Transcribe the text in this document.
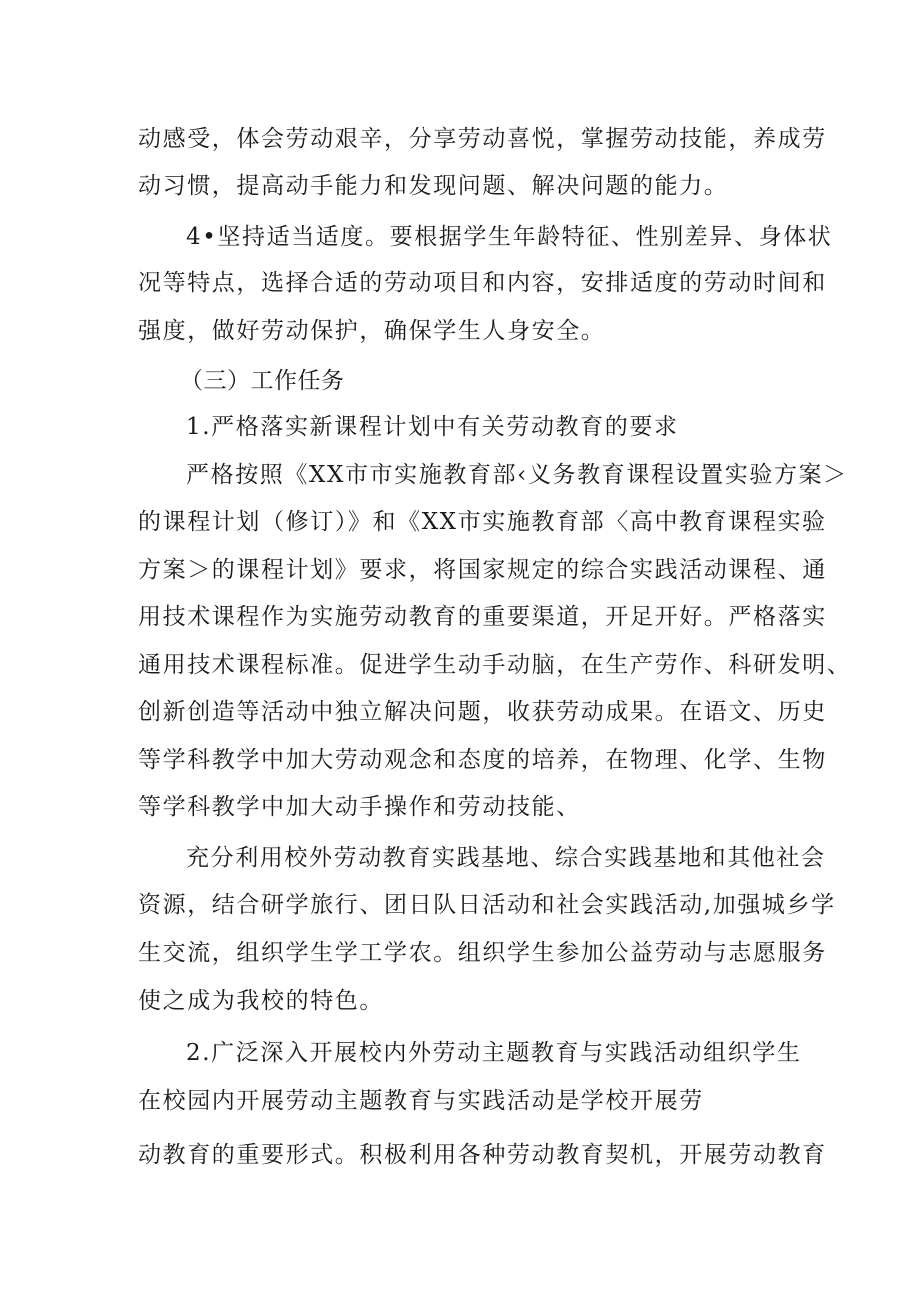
动感受，体会劳动艰辛，分享劳动喜悦，掌握劳动技能，养成劳

动习惯，提高动手能力和发现问题、解决问题的能力。

4•坚持适当适度。要根据学生年龄特征、性别差异、身体状

况等特点，选择合适的劳动项目和内容，安排适度的劳动时间和

强度，做好劳动保护，确保学生人身安全。

（三）工作任务

1.严格落实新课程计划中有关劳动教育的要求

严格按照《XX市市实施教育部‹义务教育课程设置实验方案＞

的课程计划（修订）》和《XX市实施教育部〈高中教育课程实验

方案＞的课程计划》要求，将国家规定的综合实践活动课程、通

用技术课程作为实施劳动教育的重要渠道，开足开好。严格落实

通用技术课程标准。促进学生动手动脑，在生产劳作、科研发明、

创新创造等活动中独立解决问题，收获劳动成果。在语文、历史

等学科教学中加大劳动观念和态度的培养，在物理、化学、生物

等学科教学中加大动手操作和劳动技能、

充分利用校外劳动教育实践基地、综合实践基地和其他社会

资源，结合研学旅行、团日队日活动和社会实践活动,加强城乡学

生交流，组织学生学工学农。组织学生参加公益劳动与志愿服务

使之成为我校的特色。

2.广泛深入开展校内外劳动主题教育与实践活动组织学生

在校园内开展劳动主题教育与实践活动是学校开展劳

动教育的重要形式。积极利用各种劳动教育契机，开展劳动教育
